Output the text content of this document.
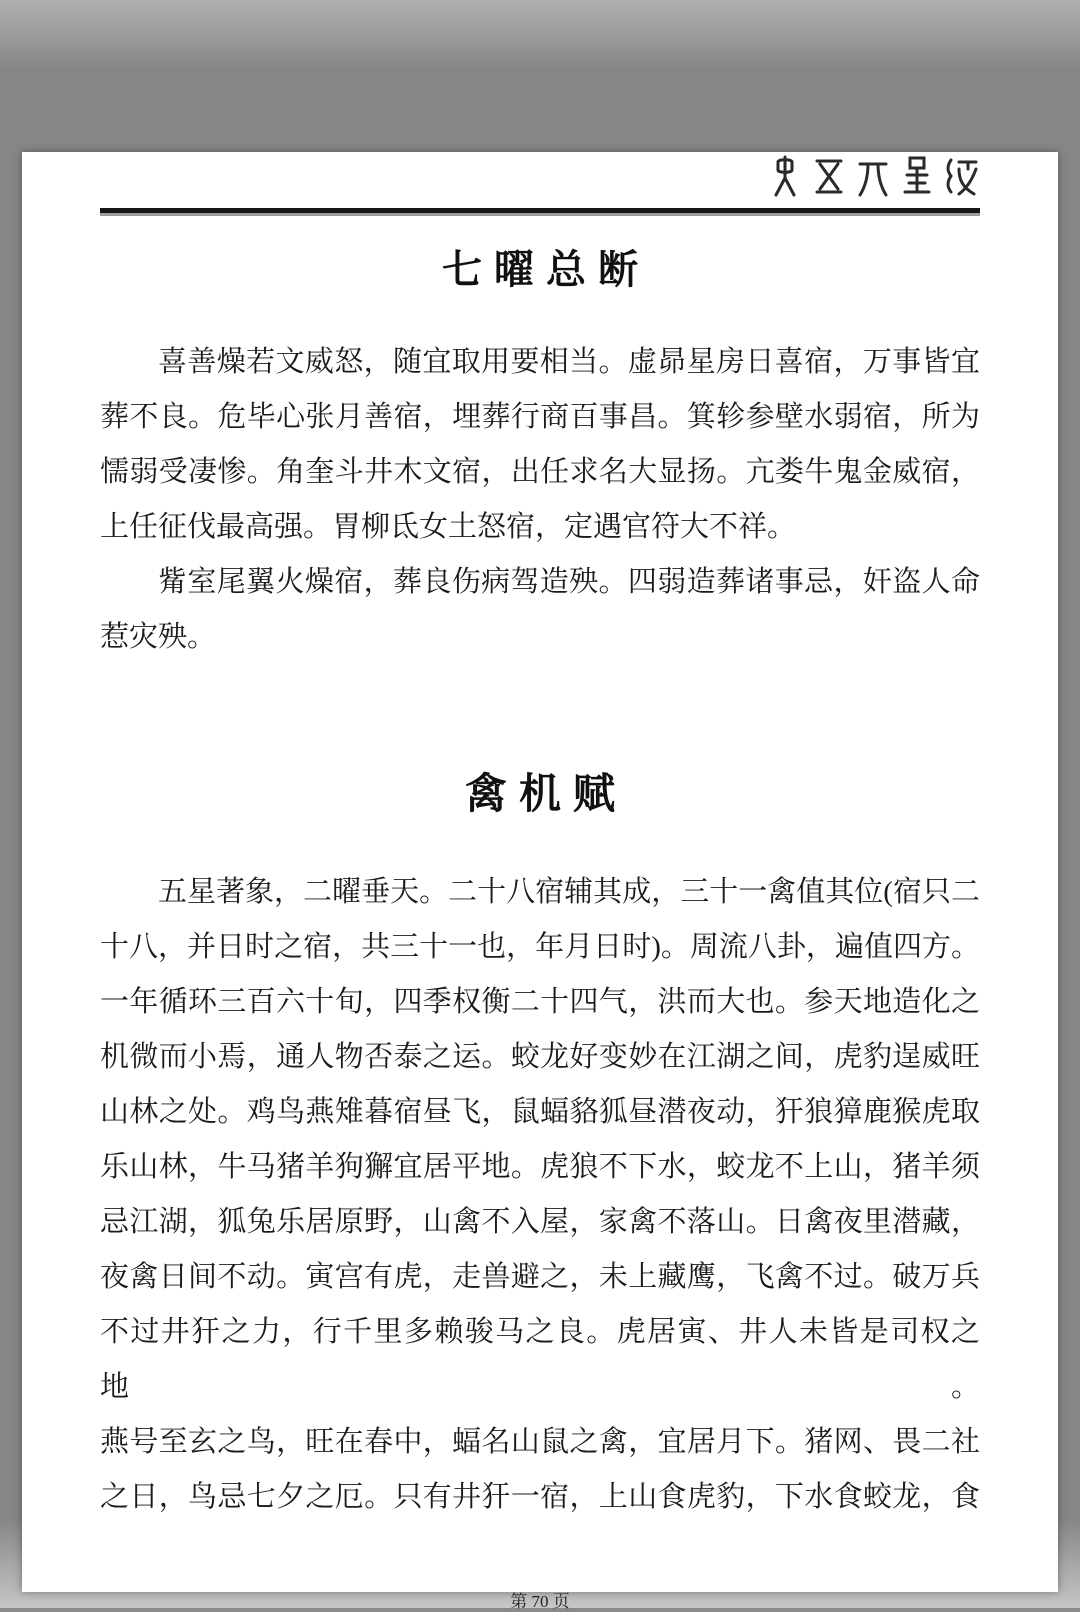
七曜总断
喜善燥若文威怒，随宜取用要相当。虚昴星房日喜宿，万事皆宜
葬不良。危毕心张月善宿，埋葬行商百事昌。箕轸参壁水弱宿，所为
懦弱受凄惨。角奎斗井木文宿，出任求名大显扬。亢娄牛鬼金威宿，
上任征伐最高强。胃柳氐女土怒宿，定遇官符大不祥。
觜室尾翼火燥宿，葬良伤病驾造殃。四弱造葬诸事忌，奸盗人命
惹灾殃。
禽机赋
五星著象，二曜垂天。二十八宿辅其成，三十一禽值其位(宿只二
十八，并日时之宿，共三十一也，年月日时)。周流八卦，遍值四方。
一年循环三百六十旬，四季权衡二十四气，洪而大也。参天地造化之
机微而小焉，通人物否泰之运。蛟龙好变妙在江湖之间，虎豹逞威旺
山林之处。鸡鸟燕雉暮宿昼飞，鼠蝠貉狐昼潜夜动，犴狼獐鹿猴虎取
乐山林，牛马猪羊狗獬宜居平地。虎狼不下水，蛟龙不上山，猪羊须
忌江湖，狐兔乐居原野，山禽不入屋，家禽不落山。日禽夜里潜藏，
夜禽日间不动。寅宫有虎，走兽避之，未上藏鹰，飞禽不过。破万兵
不过井犴之力，行千里多赖骏马之良。虎居寅、井人未皆是司权之地。
燕号至玄之鸟，旺在春中，蝠名山鼠之禽，宜居月下。猪网、畏二社
之日，鸟忌七夕之厄。只有井犴一宿，上山食虎豹，下水食蛟龙，食
第 70 页
